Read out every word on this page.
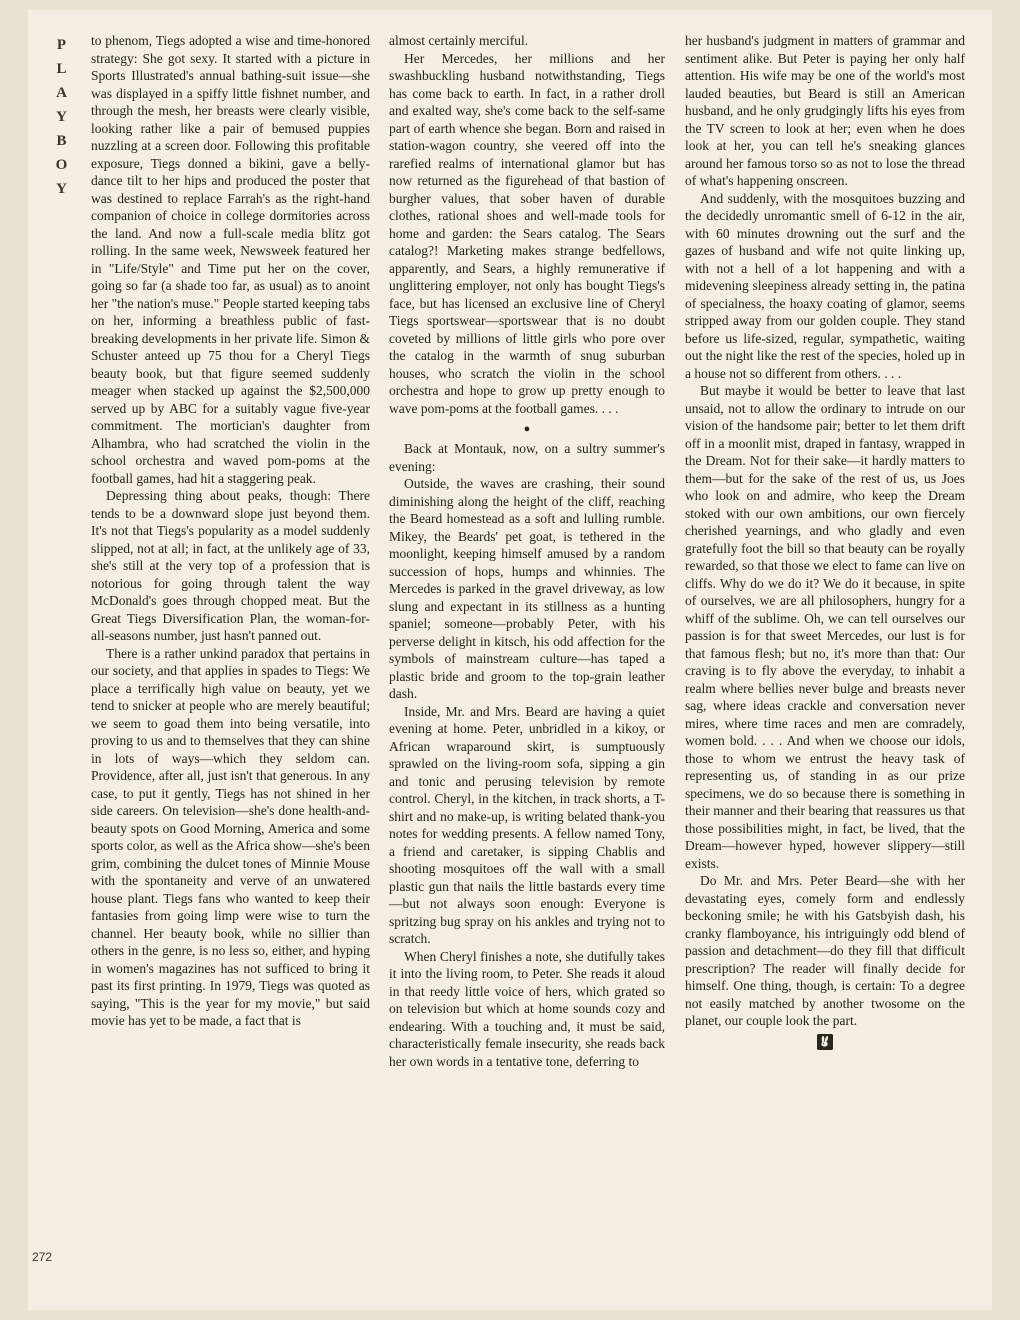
P
L
A
Y
B
O
Y
272

to phenom, Tiegs adopted a wise and time-honored strategy: She got sexy. It started with a picture in Sports Illustrated's annual bathing-suit issue—she was displayed in a spiffy little fishnet number, and through the mesh, her breasts were clearly visible, looking rather like a pair of bemused puppies nuzzling at a screen door. Following this profitable exposure, Tiegs donned a bikini, gave a belly-dance tilt to her hips and produced the poster that was destined to replace Farrah's as the right-hand companion of choice in college dormitories across the land. And now a full-scale media blitz got rolling. In the same week, Newsweek featured her in "Life/Style" and Time put her on the cover, going so far (a shade too far, as usual) as to anoint her "the nation's muse." People started keeping tabs on her, informing a breathless public of fast-breaking developments in her private life. Simon & Schuster anteed up 75 thou for a Cheryl Tiegs beauty book, but that figure seemed suddenly meager when stacked up against the $2,500,000 served up by ABC for a suitably vague five-year commitment. The mortician's daughter from Alhambra, who had scratched the violin in the school orchestra and waved pom-poms at the football games, had hit a staggering peak.

Depressing thing about peaks, though: There tends to be a downward slope just beyond them. It's not that Tiegs's popularity as a model suddenly slipped, not at all; in fact, at the unlikely age of 33, she's still at the very top of a profession that is notorious for going through talent the way McDonald's goes through chopped meat. But the Great Tiegs Diversification Plan, the woman-for-all-seasons number, just hasn't panned out.

There is a rather unkind paradox that pertains in our society, and that applies in spades to Tiegs: We place a terrifically high value on beauty, yet we tend to snicker at people who are merely beautiful; we seem to goad them into being versatile, into proving to us and to themselves that they can shine in lots of ways—which they seldom can. Providence, after all, just isn't that generous. In any case, to put it gently, Tiegs has not shined in her side careers. On television—she's done health-and-beauty spots on Good Morning, America and some sports color, as well as the Africa show—she's been grim, combining the dulcet tones of Minnie Mouse with the spontaneity and verve of an unwatered house plant. Tiegs fans who wanted to keep their fantasies from going limp were wise to turn the channel. Her beauty book, while no sillier than others in the genre, is no less so, either, and hyping in women's magazines has not sufficed to bring it past its first printing. In 1979, Tiegs was quoted as saying, "This is the year for my movie," but said movie has yet to be made, a fact that is

almost certainly merciful.

Her Mercedes, her millions and her swashbuckling husband notwithstanding, Tiegs has come back to earth. In fact, in a rather droll and exalted way, she's come back to the self-same part of earth whence she began. Born and raised in station-wagon country, she veered off into the rarefied realms of international glamor but has now returned as the figurehead of that bastion of burgher values, that sober haven of durable clothes, rational shoes and well-made tools for home and garden: the Sears catalog. The Sears catalog?! Marketing makes strange bedfellows, apparently, and Sears, a highly remunerative if unglittering employer, not only has bought Tiegs's face, but has licensed an exclusive line of Cheryl Tiegs sportswear—sportswear that is no doubt coveted by millions of little girls who pore over the catalog in the warmth of snug suburban houses, who scratch the violin in the school orchestra and hope to grow up pretty enough to wave pom-poms at the football games. . . .

●

Back at Montauk, now, on a sultry summer's evening:

Outside, the waves are crashing, their sound diminishing along the height of the cliff, reaching the Beard homestead as a soft and lulling rumble. Mikey, the Beards' pet goat, is tethered in the moonlight, keeping himself amused by a random succession of hops, humps and whinnies. The Mercedes is parked in the gravel driveway, as low slung and expectant in its stillness as a hunting spaniel; someone—probably Peter, with his perverse delight in kitsch, his odd affection for the symbols of mainstream culture—has taped a plastic bride and groom to the top-grain leather dash.

Inside, Mr. and Mrs. Beard are having a quiet evening at home. Peter, unbridled in a kikoy, or African wraparound skirt, is sumptuously sprawled on the living-room sofa, sipping a gin and tonic and perusing television by remote control. Cheryl, in the kitchen, in track shorts, a T-shirt and no make-up, is writing belated thank-you notes for wedding presents. A fellow named Tony, a friend and caretaker, is sipping Chablis and shooting mosquitoes off the wall with a small plastic gun that nails the little bastards every time—but not always soon enough: Everyone is spritzing bug spray on his ankles and trying not to scratch.

When Cheryl finishes a note, she dutifully takes it into the living room, to Peter. She reads it aloud in that reedy little voice of hers, which grated so on television but which at home sounds cozy and endearing. With a touching and, it must be said, characteristically female insecurity, she reads back her own words in a tentative tone, deferring to

her husband's judgment in matters of grammar and sentiment alike. But Peter is paying her only half attention. His wife may be one of the world's most lauded beauties, but Beard is still an American husband, and he only grudgingly lifts his eyes from the TV screen to look at her; even when he does look at her, you can tell he's sneaking glances around her famous torso so as not to lose the thread of what's happening onscreen.

And suddenly, with the mosquitoes buzzing and the decidedly unromantic smell of 6-12 in the air, with 60 minutes drowning out the surf and the gazes of husband and wife not quite linking up, with not a hell of a lot happening and with a midevening sleepiness already setting in, the patina of specialness, the hoaxy coating of glamor, seems stripped away from our golden couple. They stand before us life-sized, regular, sympathetic, waiting out the night like the rest of the species, holed up in a house not so different from others. . . .

But maybe it would be better to leave that last unsaid, not to allow the ordinary to intrude on our vision of the handsome pair; better to let them drift off in a moonlit mist, draped in fantasy, wrapped in the Dream. Not for their sake—it hardly matters to them—but for the sake of the rest of us, us Joes who look on and admire, who keep the Dream stoked with our own ambitions, our own fiercely cherished yearnings, and who gladly and even gratefully foot the bill so that beauty can be royally rewarded, so that those we elect to fame can live on cliffs. Why do we do it? We do it because, in spite of ourselves, we are all philosophers, hungry for a whiff of the sublime. Oh, we can tell ourselves our passion is for that sweet Mercedes, our lust is for that famous flesh; but no, it's more than that: Our craving is to fly above the everyday, to inhabit a realm where bellies never bulge and breasts never sag, where ideas crackle and conversation never mires, where time races and men are comradely, women bold. . . . And when we choose our idols, those to whom we entrust the heavy task of representing us, of standing in as our prize specimens, we do so because there is something in their manner and their bearing that reassures us that those possibilities might, in fact, be lived, that the Dream—however hyped, however slippery—still exists.

Do Mr. and Mrs. Peter Beard—she with her devastating eyes, comely form and endlessly beckoning smile; he with his Gatsbyish dash, his cranky flamboyance, his intriguingly odd blend of passion and detachment—do they fill that difficult prescription? The reader will finally decide for himself. One thing, though, is certain: To a degree not easily matched by another twosome on the planet, our couple look the part.
